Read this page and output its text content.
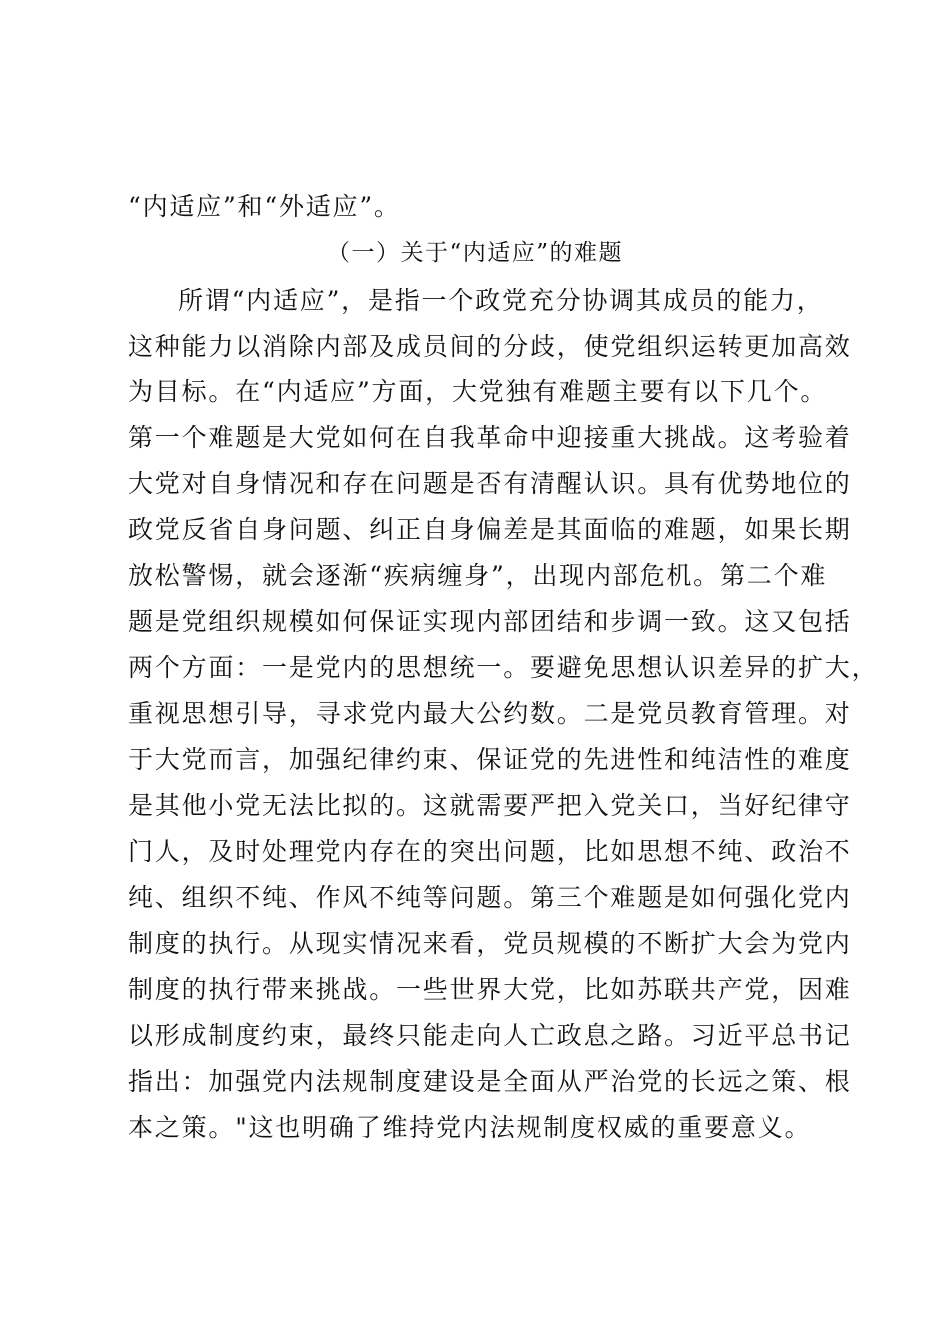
“内适应”和“外适应”。
（一）关于“内适应”的难题
所谓“内适应”，是指一个政党充分协调其成员的能力，
这种能力以消除内部及成员间的分歧，使党组织运转更加高效
为目标。在“内适应”方面，大党独有难题主要有以下几个。
第一个难题是大党如何在自我革命中迎接重大挑战。这考验着
大党对自身情况和存在问题是否有清醒认识。具有优势地位的
政党反省自身问题、纠正自身偏差是其面临的难题，如果长期
放松警惕，就会逐渐“疾病缠身”，出现内部危机。第二个难
题是党组织规模如何保证实现内部团结和步调一致。这又包括
两个方面：一是党内的思想统一。要避免思想认识差异的扩大，
重视思想引导，寻求党内最大公约数。二是党员教育管理。对
于大党而言，加强纪律约束、保证党的先进性和纯洁性的难度
是其他小党无法比拟的。这就需要严把入党关口，当好纪律守
门人，及时处理党内存在的突出问题，比如思想不纯、政治不
纯、组织不纯、作风不纯等问题。第三个难题是如何强化党内
制度的执行。从现实情况来看，党员规模的不断扩大会为党内
制度的执行带来挑战。一些世界大党，比如苏联共产党，因难
以形成制度约束，最终只能走向人亡政息之路。习近平总书记
指出：加强党内法规制度建设是全面从严治党的长远之策、根
本之策。"这也明确了维持党内法规制度权威的重要意义。
